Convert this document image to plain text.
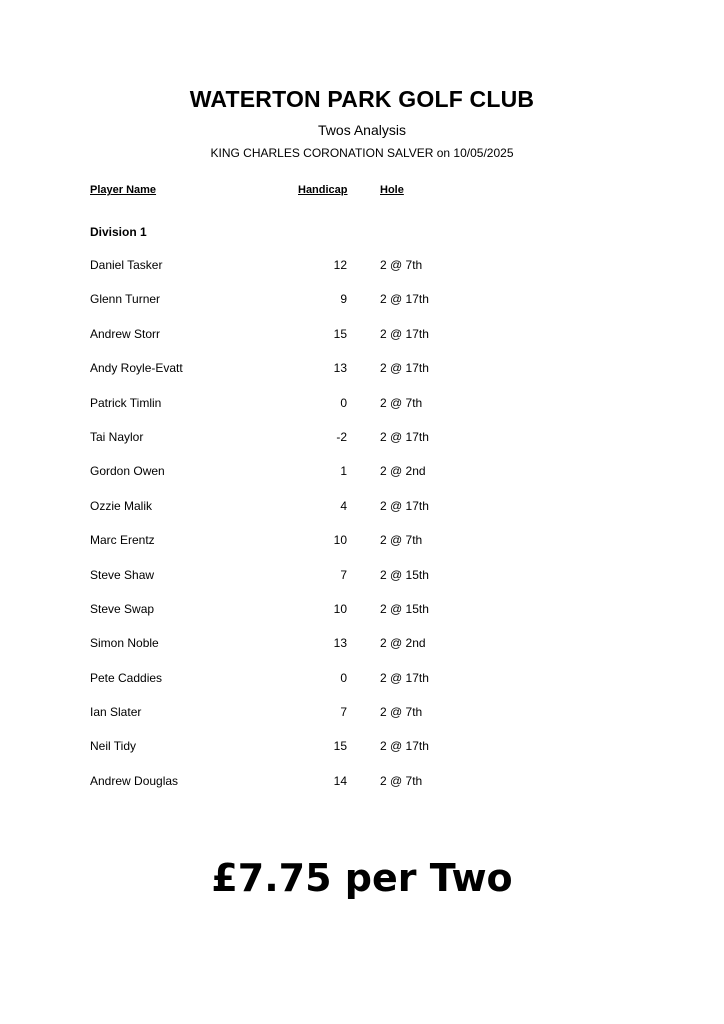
WATERTON PARK GOLF CLUB
Twos Analysis
KING CHARLES CORONATION SALVER on 10/05/2025
Player Name	Handicap	Hole
Division 1
Daniel Tasker	12	2 @ 7th
Glenn Turner	9	2 @ 17th
Andrew Storr	15	2 @ 17th
Andy Royle-Evatt	13	2 @ 17th
Patrick Timlin	0	2 @ 7th
Tai Naylor	-2	2 @ 17th
Gordon Owen	1	2 @ 2nd
Ozzie Malik	4	2 @ 17th
Marc Erentz	10	2 @ 7th
Steve Shaw	7	2 @ 15th
Steve Swap	10	2 @ 15th
Simon Noble	13	2 @ 2nd
Pete Caddies	0	2 @ 17th
Ian Slater	7	2 @ 7th
Neil Tidy	15	2 @ 17th
Andrew Douglas	14	2 @ 7th
£7.75 per Two
